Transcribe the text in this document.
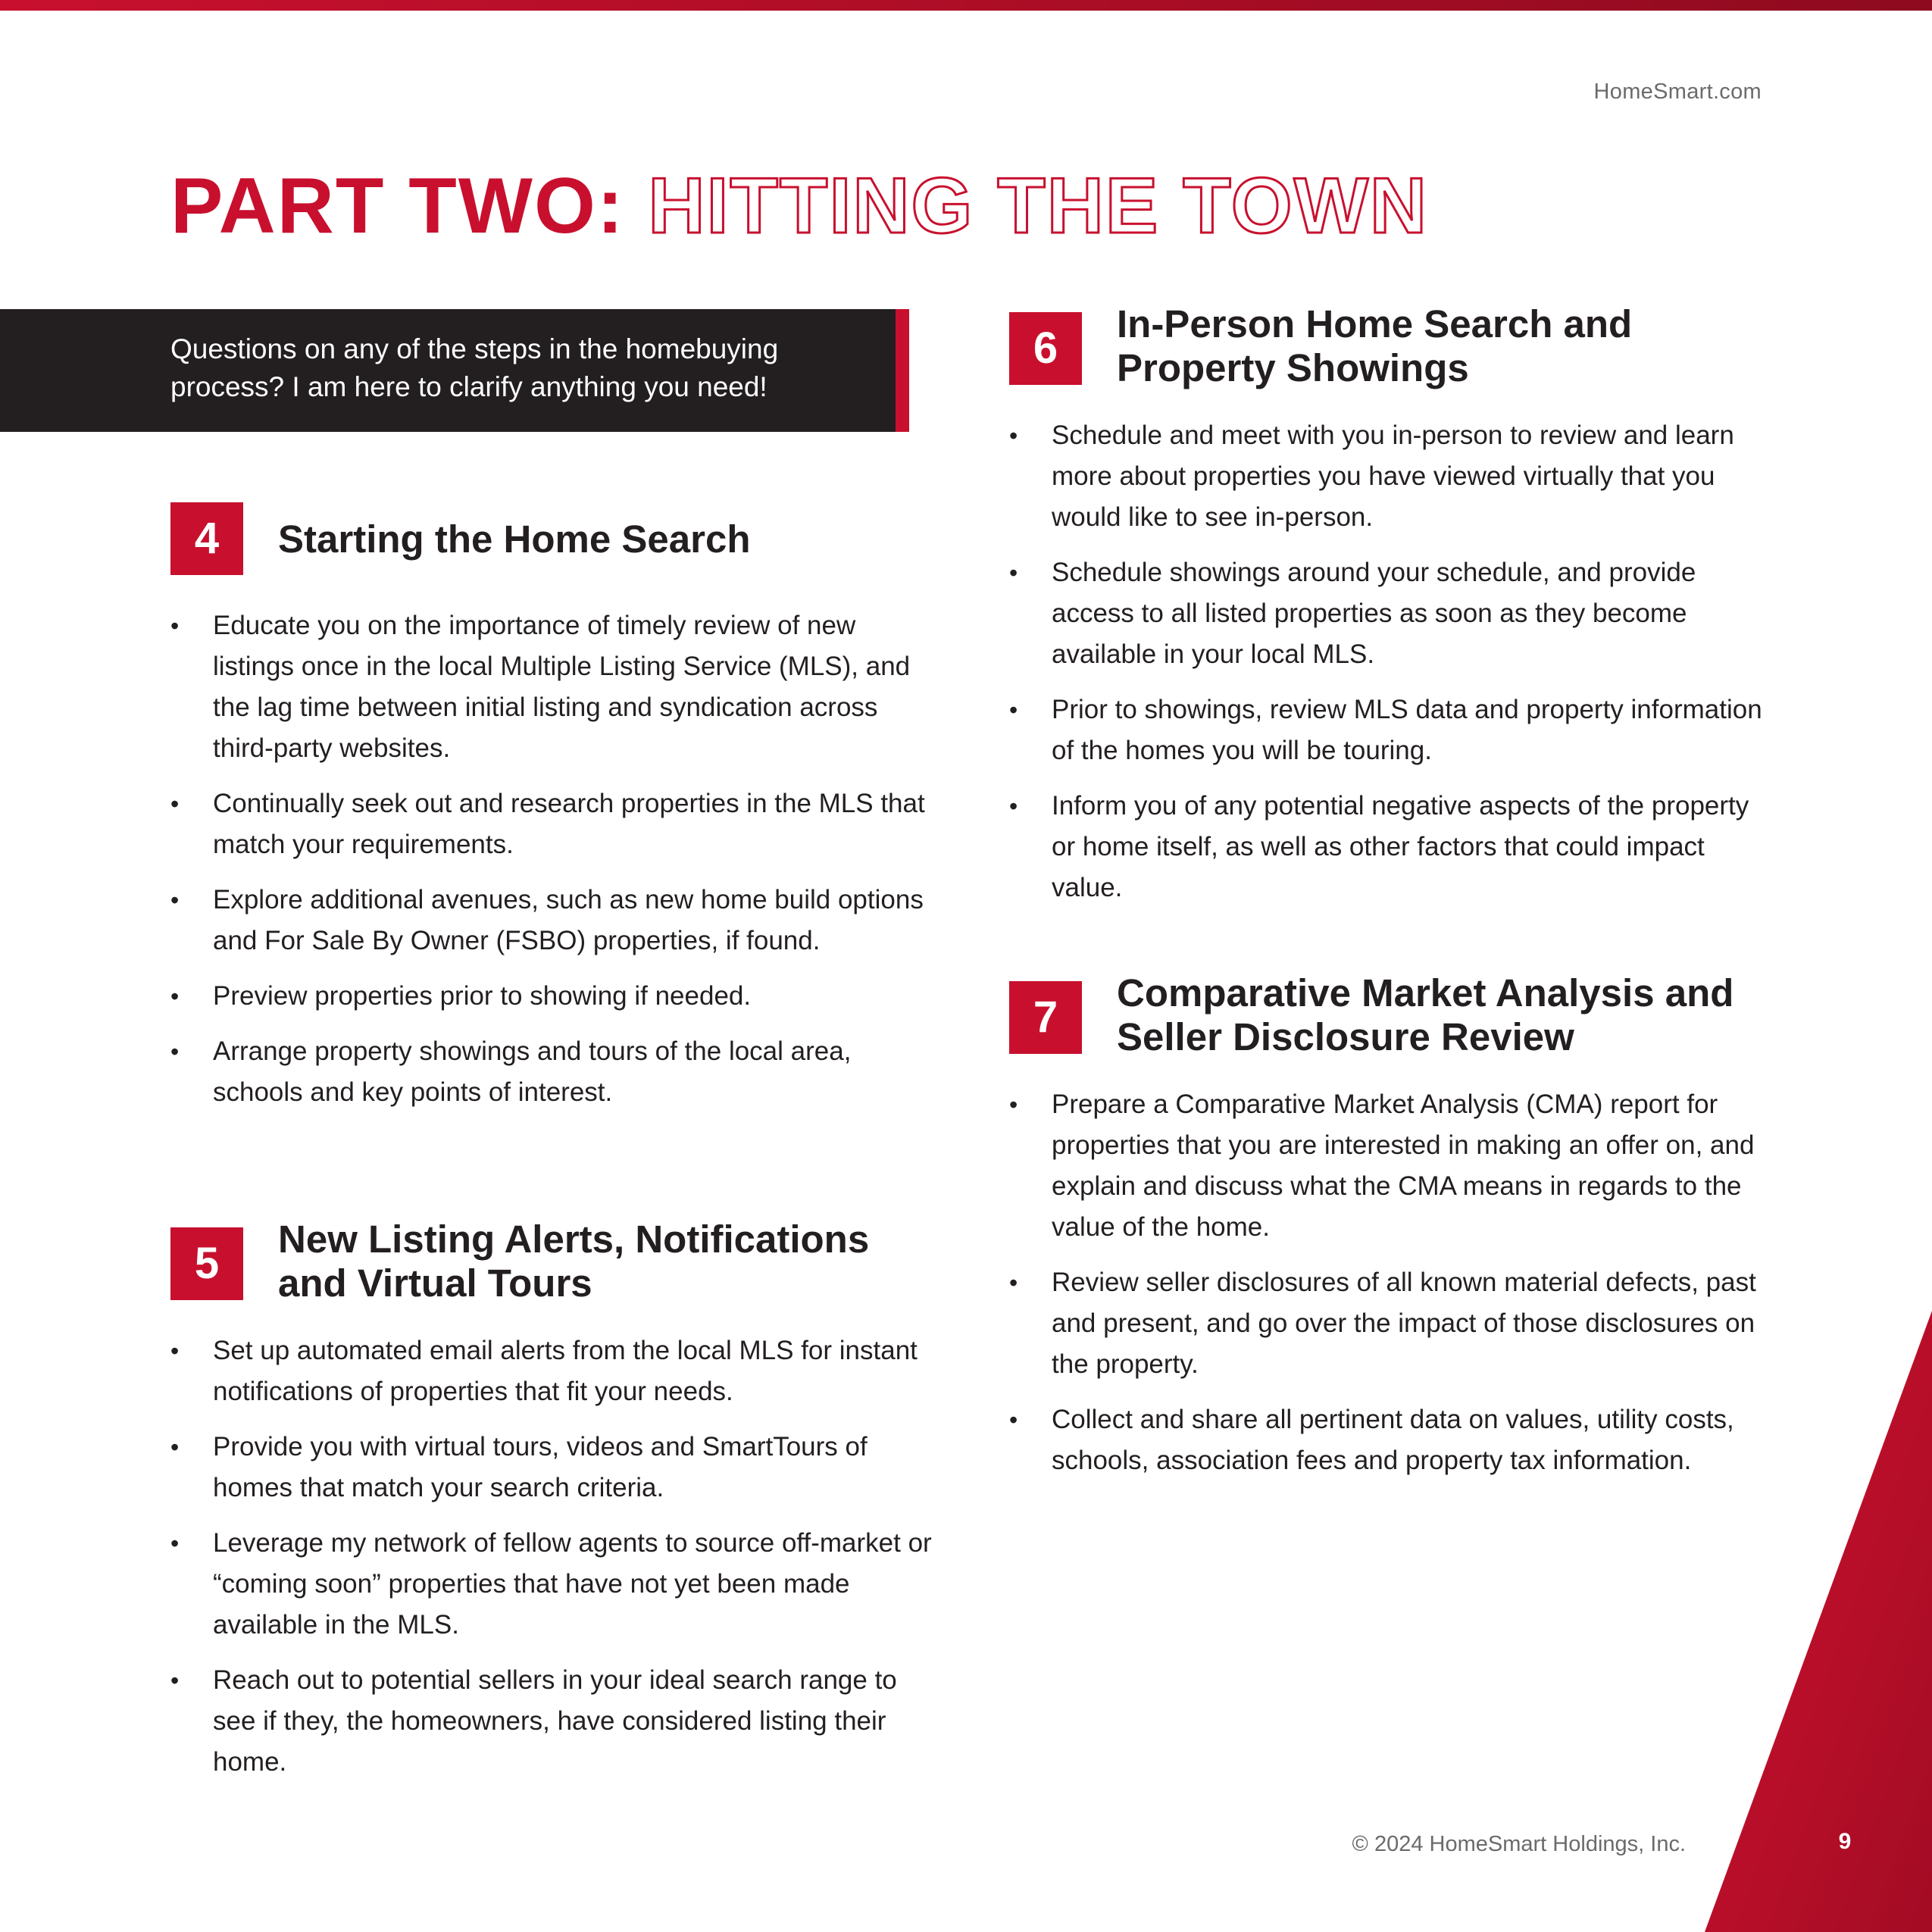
HomeSmart.com
PART TWO: HITTING THE TOWN
Questions on any of the steps in the homebuying process? I am here to clarify anything you need!
4	Starting the Home Search
• Educate you on the importance of timely review of new listings once in the local Multiple Listing Service (MLS), and the lag time between initial listing and syndication across third-party websites.
• Continually seek out and research properties in the MLS that match your requirements.
• Explore additional avenues, such as new home build options and For Sale By Owner (FSBO) properties, if found.
• Preview properties prior to showing if needed.
• Arrange property showings and tours of the local area, schools and key points of interest.
5	New Listing Alerts, Notifications and Virtual Tours
• Set up automated email alerts from the local MLS for instant notifications of properties that fit your needs.
• Provide you with virtual tours, videos and SmartTours of homes that match your search criteria.
• Leverage my network of fellow agents to source off-market or “coming soon” properties that have not yet been made available in the MLS.
• Reach out to potential sellers in your ideal search range to see if they, the homeowners, have considered listing their home.
6	In-Person Home Search and Property Showings
• Schedule and meet with you in-person to review and learn more about properties you have viewed virtually that you would like to see in-person.
• Schedule showings around your schedule, and provide access to all listed properties as soon as they become available in your local MLS.
• Prior to showings, review MLS data and property information of the homes you will be touring.
• Inform you of any potential negative aspects of the property or home itself, as well as other factors that could impact value.
7	Comparative Market Analysis and Seller Disclosure Review
• Prepare a Comparative Market Analysis (CMA) report for properties that you are interested in making an offer on, and explain and discuss what the CMA means in regards to the value of the home.
• Review seller disclosures of all known material defects, past and present, and go over the impact of those disclosures on the property.
• Collect and share all pertinent data on values, utility costs, schools, association fees and property tax information.
© 2024 HomeSmart Holdings, Inc.	9
